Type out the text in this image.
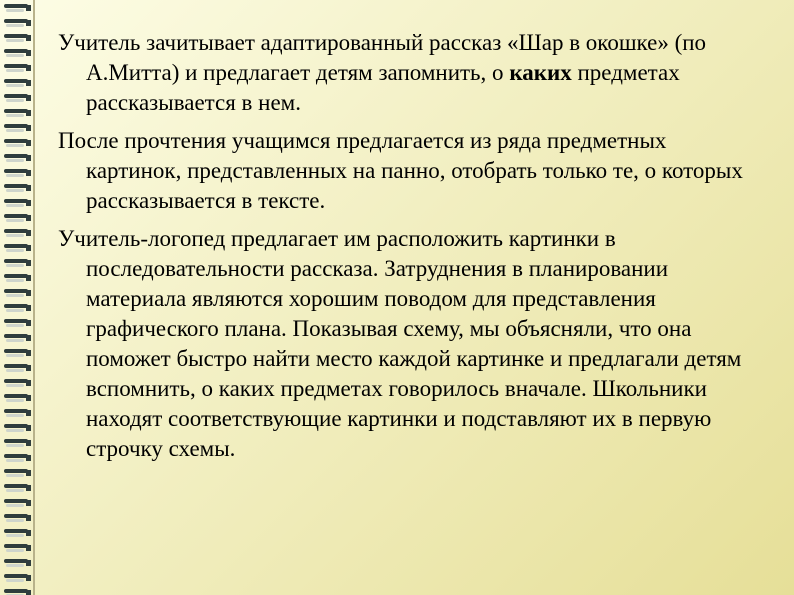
Учитель зачитывает адаптированный рассказ «Шар в окошке» (по А.Митта) и предлагает детям запомнить, о каких предметах рассказывается в нем.

После прочтения учащимся предлагается из ряда предметных картинок, представленных на панно, отобрать только те, о которых рассказывается в тексте.

Учитель-логопед предлагает им расположить картинки в последовательности рассказа. Затруднения в планировании материала являются хорошим поводом для представления графического плана. Показывая схему, мы объясняли, что она поможет быстро найти место каждой картинке и предлагали детям вспомнить, о каких предметах говорилось вначале. Школьники находят соответствующие картинки и подставляют их в первую строчку схемы.
